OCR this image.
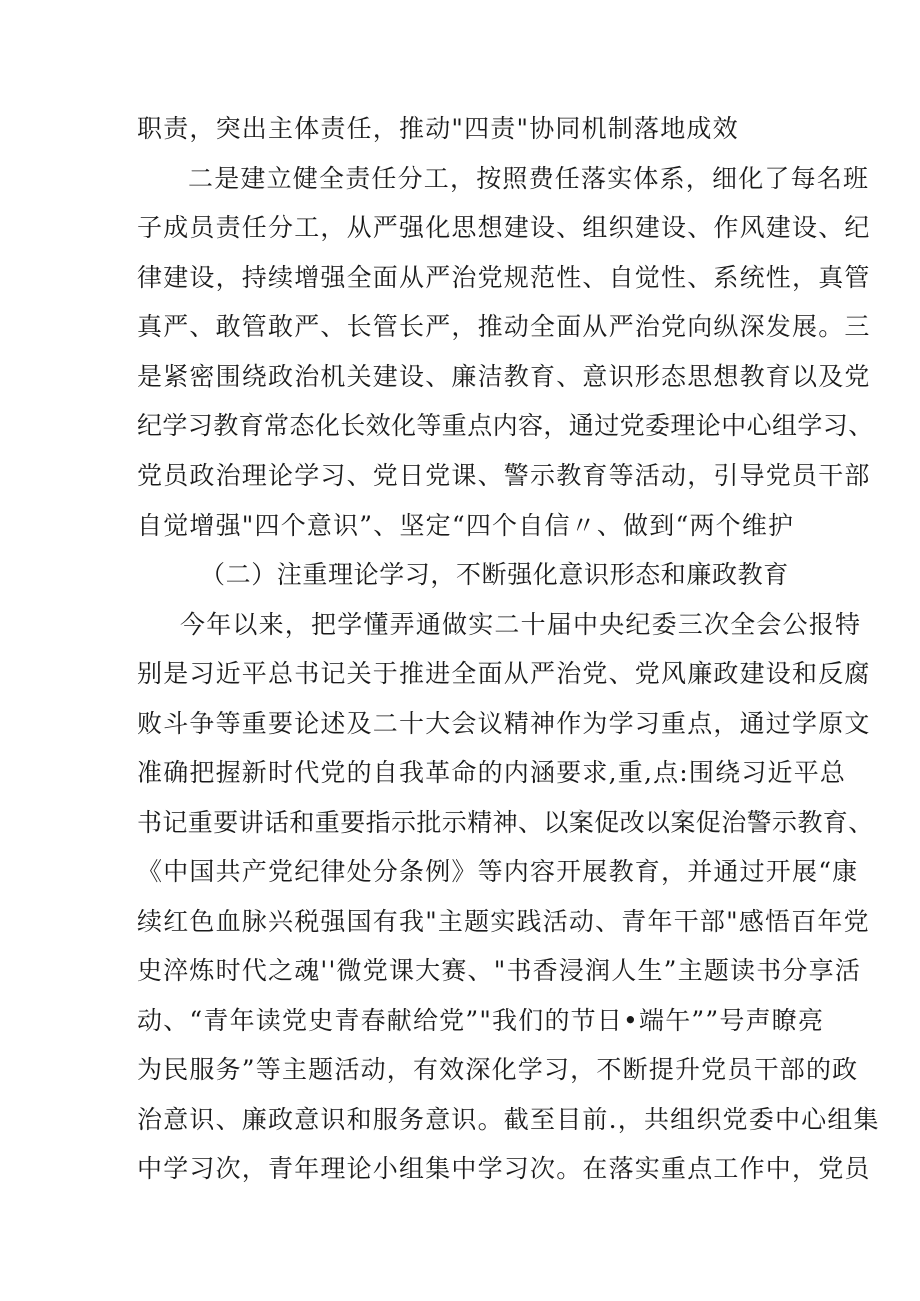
职责，突出主体责任，推动"四责"协同机制落地成效
二是建立健全责任分工，按照费任落实体系，细化了每名班
子成员责任分工，从严强化思想建设、组织建设、作风建设、纪
律建设，持续增强全面从严治党规范性、自觉性、系统性，真管
真严、敢管敢严、长管长严，推动全面从严治党向纵深发展。三
是紧密围绕政治机关建设、廉洁教育、意识形态思想教育以及党
纪学习教育常态化长效化等重点内容，通过党委理论中心组学习、
党员政治理论学习、党日党课、警示教育等活动，引导党员干部
自觉增强"四个意识”、坚定“四个自信〃、做到“两个维护
（二）注重理论学习，不断强化意识形态和廉政教育
今年以来，把学懂弄通做实二十届中央纪委三次全会公报特
别是习近平总书记关于推进全面从严治党、党风廉政建设和反腐
败斗争等重要论述及二十大会议精神作为学习重点，通过学原文
准确把握新时代党的自我革命的内涵要求,重,点:围绕习近平总
书记重要讲话和重要指示批示精神、以案促改以案促治警示教育、
《中国共产党纪律处分条例》等内容开展教育，并通过开展“康
续红色血脉兴税强国有我"主题实践活动、青年干部"感悟百年党
史淬炼时代之魂''微党课大赛、"书香浸润人生”主题读书分享活
动、“青年读党史青春献给党”"我们的节日•端午””号声瞭亮
为民服务”等主题活动，有效深化学习，不断提升党员干部的政
治意识、廉政意识和服务意识。截至目前.，共组织党委中心组集
中学习次，青年理论小组集中学习次。在落实重点工作中，党员
